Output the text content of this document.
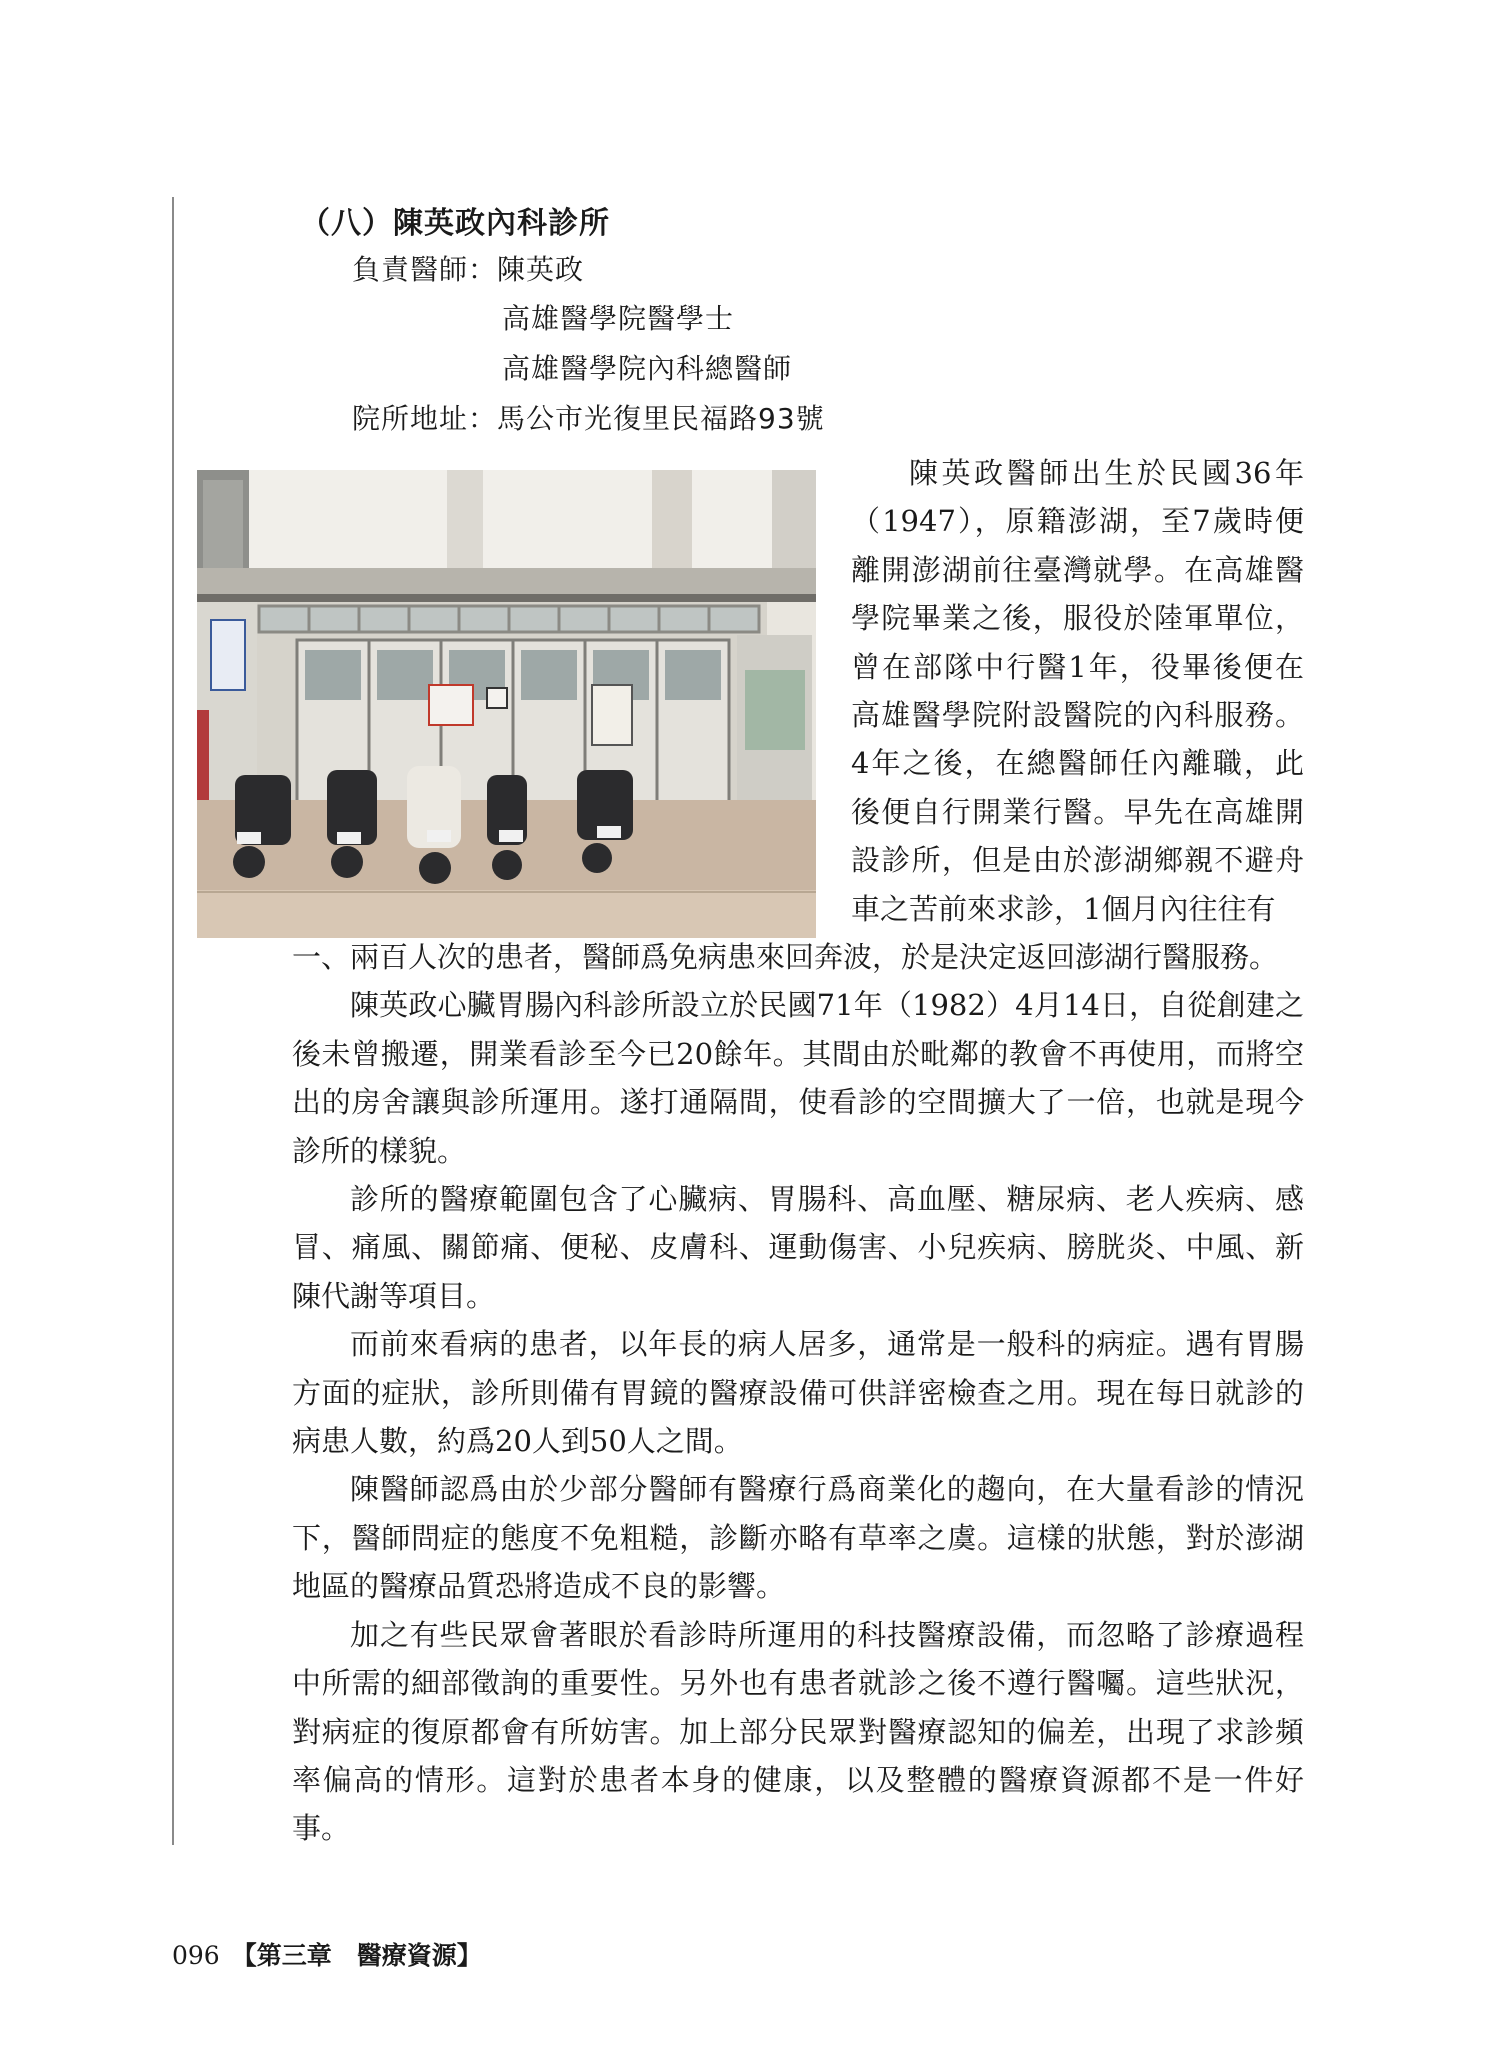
（八）陳英政內科診所
負責醫師：陳英政
高雄醫學院醫學士
高雄醫學院內科總醫師
院所地址：馬公市光復里民福路93號

陳英政醫師出生於民國36年（1947），原籍澎湖，至7歲時便離開澎湖前往臺灣就學。在高雄醫學院畢業之後，服役於陸軍單位，曾在部隊中行醫1年，役畢後便在高雄醫學院附設醫院的內科服務。4年之後，在總醫師任內離職，此後便自行開業行醫。早先在高雄開設診所，但是由於澎湖鄉親不避舟車之苦前來求診，1個月內往往有

一、兩百人次的患者，醫師爲免病患來回奔波，於是決定返回澎湖行醫服務。

陳英政心臟胃腸內科診所設立於民國71年（1982）4月14日，自從創建之後未曾搬遷，開業看診至今已20餘年。其間由於毗鄰的教會不再使用，而將空出的房舍讓與診所運用。遂打通隔間，使看診的空間擴大了一倍，也就是現今診所的樣貌。

診所的醫療範圍包含了心臟病、胃腸科、高血壓、糖尿病、老人疾病、感冒、痛風、關節痛、便秘、皮膚科、運動傷害、小兒疾病、膀胱炎、中風、新陳代謝等項目。

而前來看病的患者，以年長的病人居多，通常是一般科的病症。遇有胃腸方面的症狀，診所則備有胃鏡的醫療設備可供詳密檢查之用。現在每日就診的病患人數，約爲20人到50人之間。

陳醫師認爲由於少部分醫師有醫療行爲商業化的趨向，在大量看診的情況下，醫師問症的態度不免粗糙，診斷亦略有草率之虞。這樣的狀態，對於澎湖地區的醫療品質恐將造成不良的影響。

加之有些民眾會著眼於看診時所運用的科技醫療設備，而忽略了診療過程中所需的細部徵詢的重要性。另外也有患者就診之後不遵行醫囑。這些狀況，對病症的復原都會有所妨害。加上部分民眾對醫療認知的偏差，出現了求診頻率偏高的情形。這對於患者本身的健康，以及整體的醫療資源都不是一件好事。

096 【第三章　醫療資源】
